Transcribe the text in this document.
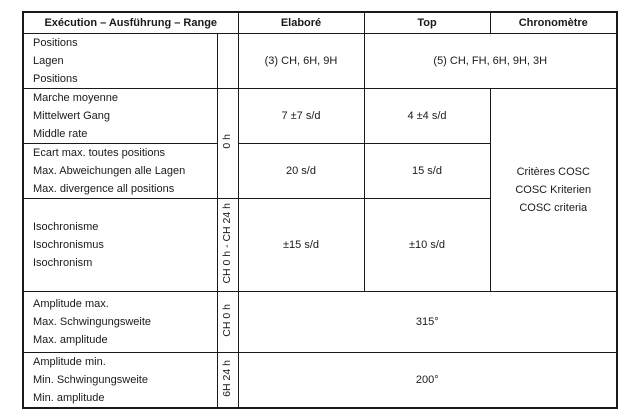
Exécution – Ausführung – Range		Elaboré	Top	Chronomètre

Positions
Lagen
Positions		(3) CH, 6H, 9H	(5) CH, FH, 6H, 9H, 3H	

Marche moyenne
Mittelwert Gang
Middle rate
	0 h	7 ±7 s/d	4 ±4 s/d	
Critères COSC
COSC Kriterien
COSC criteria

Ecart max. toutes positions
Max. Abweichungen alle Lagen
Max. divergence all positions		20 s/d	15 s/d	

Isochronisme
Isochronismus
Isochronism	CH 0 h - CH 24 h	±15 s/d	±10 s/d	

Amplitude max.
Max. Schwingungsweite
Max. amplitude	CH 0 h	315°		

Amplitude min.
Min. Schwingungsweite
Min. amplitude	6H 24 h	200°		
